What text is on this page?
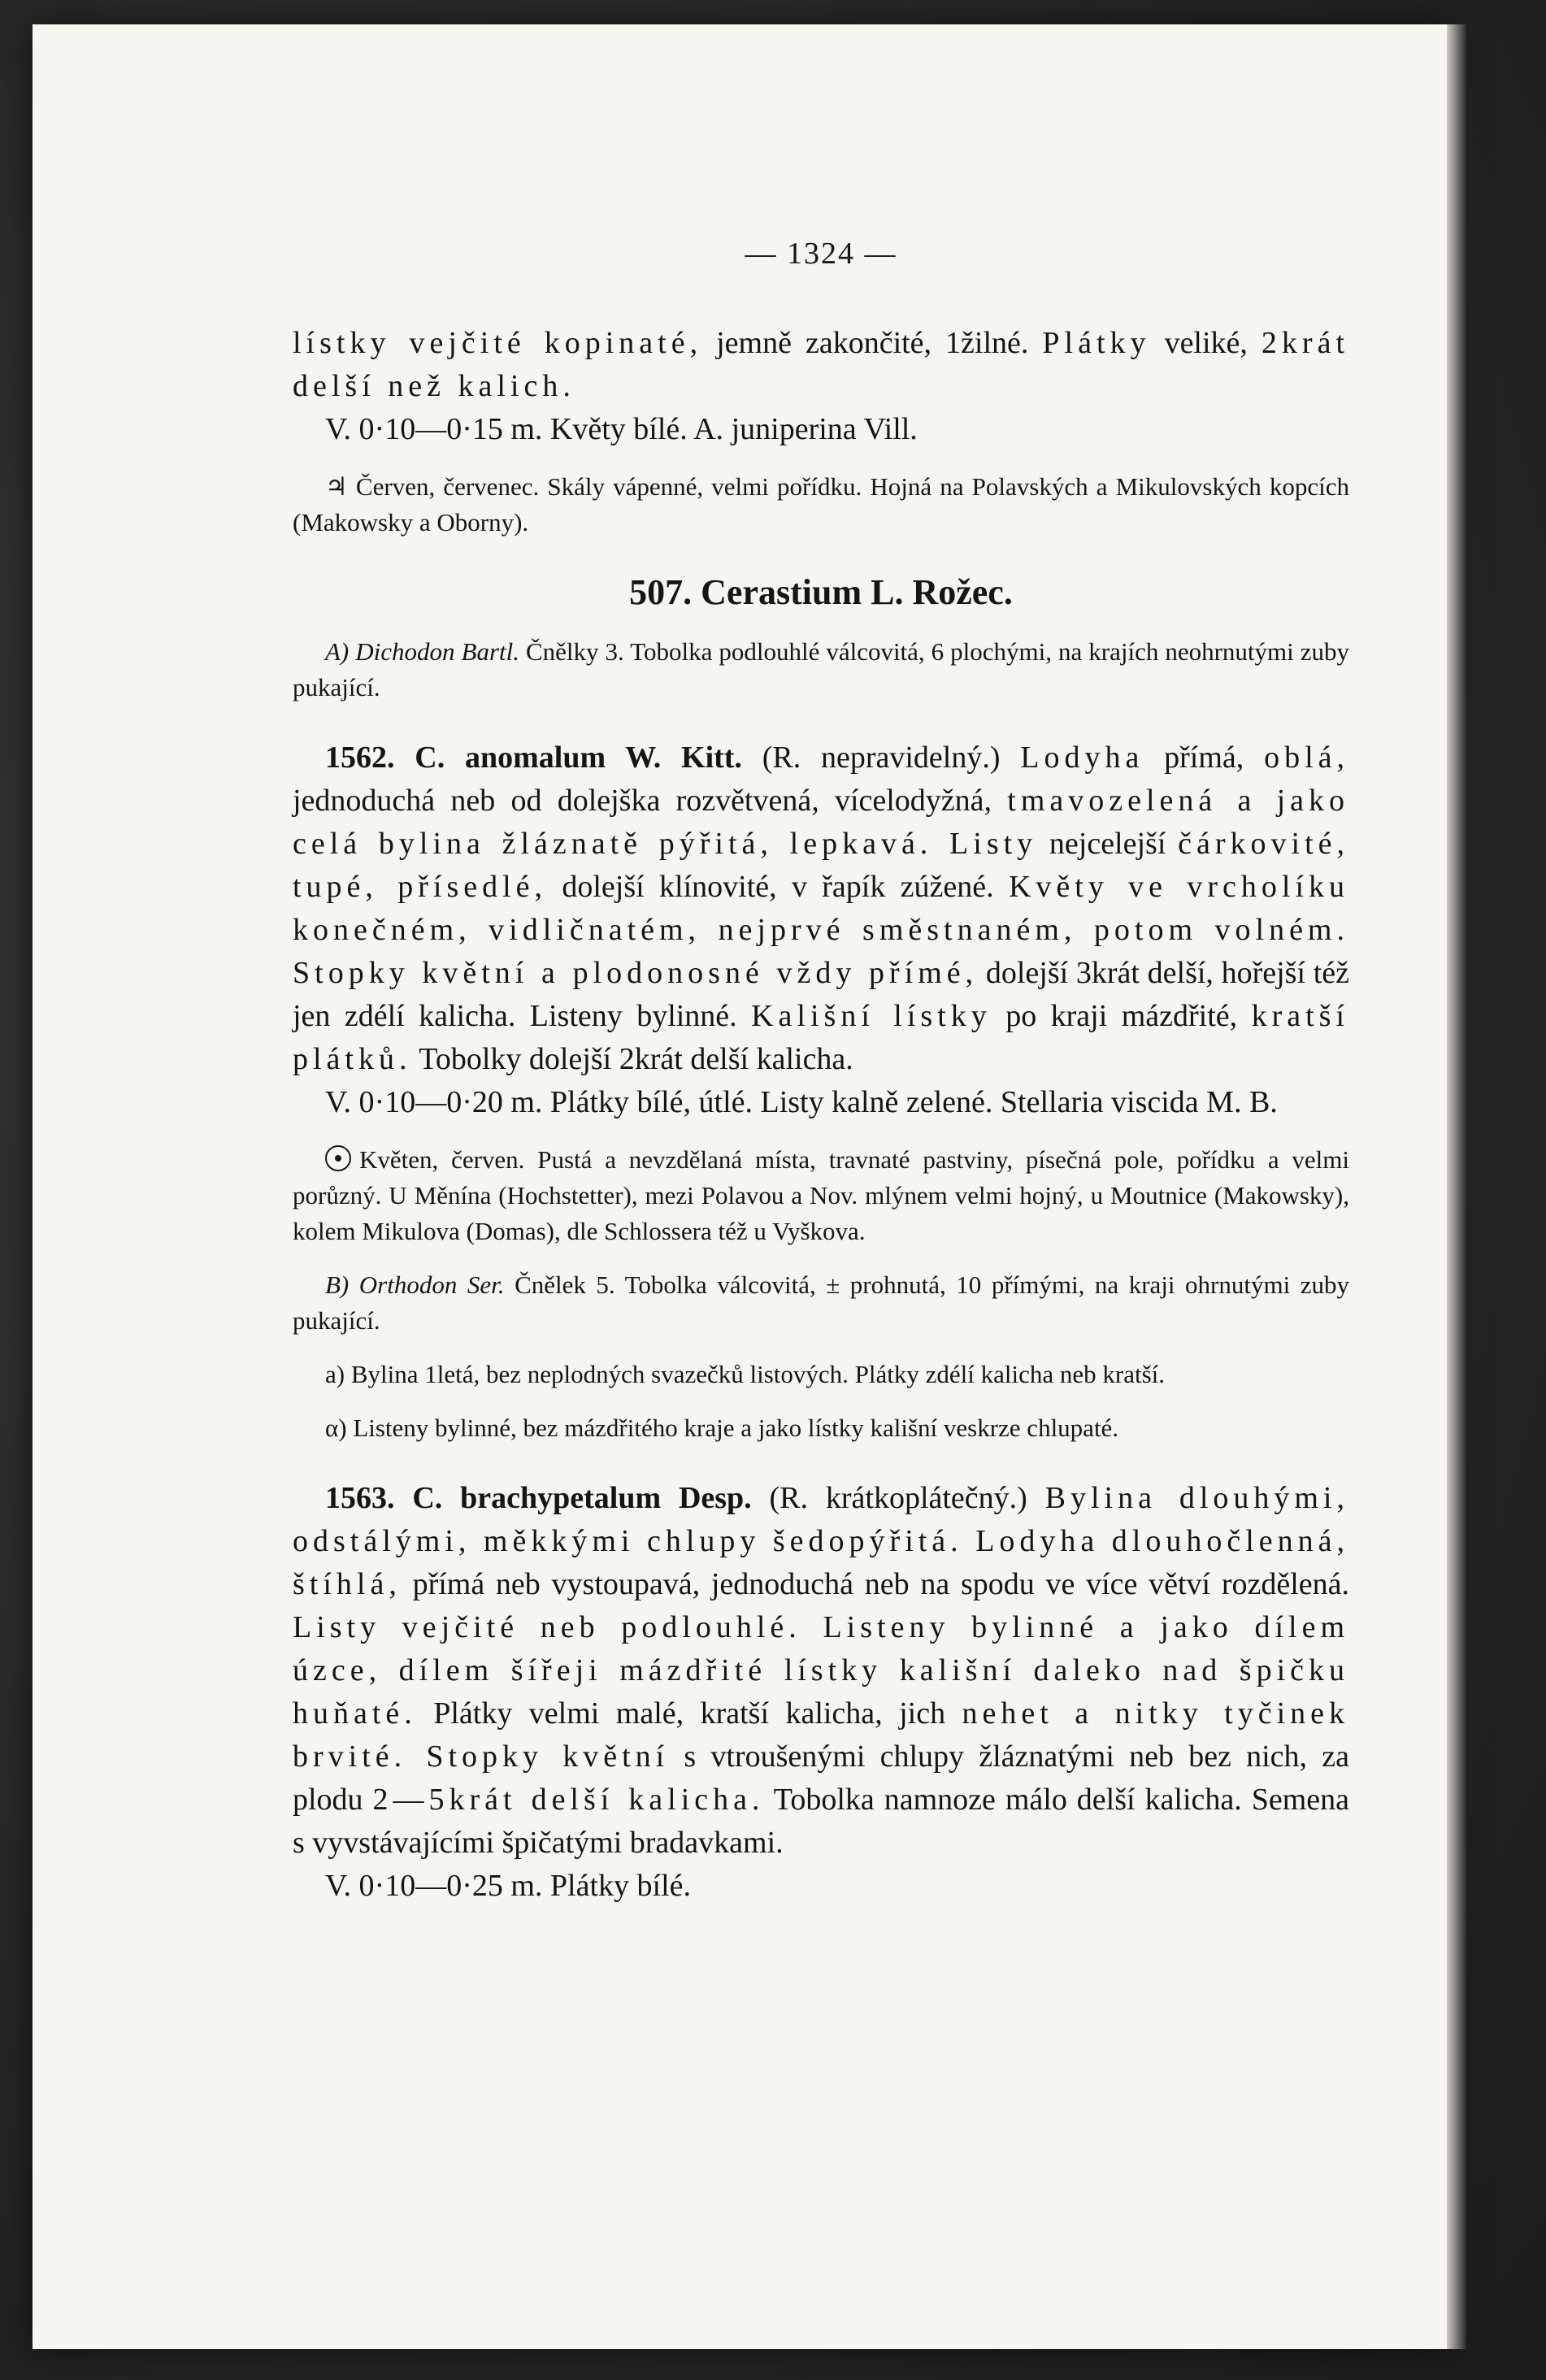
— 1324 —

lístky vejčité kopinaté, jemně zakončité, 1žilné. Plátky veliké, 2krát delší než kalich.

V. 0·10—0·15 m. Květy bílé. A. juniperina Vill.

♃ Červen, červenec. Skály vápenné, velmi pořídku. Hojná na Polavských a Mikulovských kopcích (Makowsky a Oborny).

507. Cerastium L. Rožec.

A) Dichodon Bartl. Čnělky 3. Tobolka podlouhlé válcovitá, 6 plochými, na krajích neohrnutými zuby pukající.

1562. C. anomalum W. Kitt. (R. nepravidelný.) Lodyha přímá, oblá, jednoduchá neb od dolejška rozvětvená, vícelodyžná, tmavozelená a jako celá bylina žláznatě pýřitá, lepkavá. Listy nejcelejší čárkovité, tupé, přísedlé, dolejší klínovité, v řapík zúžené. Květy ve vrcholíku konečném, vidličnatém, nejprvé směstnaném, potom volném. Stopky květní a plodonosné vždy přímé, dolejší 3krát delší, hořejší též jen zdélí kalicha. Listeny bylinné. Kališní lístky po kraji mázdřité, kratší plátků. Tobolky dolejší 2krát delší kalicha.

V. 0·10—0·20 m. Plátky bílé, útlé. Listy kalně zelené. Stellaria viscida M. B.

Květen, červen. Pustá a nevzdělaná místa, travnaté pastviny, písečná pole, pořídku a velmi porůzný. U Měnína (Hochstetter), mezi Polavou a Nov. mlýnem velmi hojný, u Moutnice (Makowsky), kolem Mikulova (Domas), dle Schlossera též u Vyškova.

B) Orthodon Ser. Čnělek 5. Tobolka válcovitá, ± prohnutá, 10 přímými, na kraji ohrnutými zuby pukající.

a) Bylina 1letá, bez neplodných svazečků listových. Plátky zdélí kalicha neb kratší.

α) Listeny bylinné, bez mázdřitého kraje a jako lístky kališní veskrze chlupaté.

1563. C. brachypetalum Desp. (R. krátkoplátečný.) Bylina dlouhými, odstálými, měkkými chlupy šedopýřitá. Lodyha dlouhočlenná, štíhlá, přímá neb vystoupavá, jednoduchá neb na spodu ve více větví rozdělená. Listy vejčité neb podlouhlé. Listeny bylinné a jako dílem úzce, dílem šířeji mázdřité lístky kališní daleko nad špičku huňaté. Plátky velmi malé, kratší kalicha, jich nehet a nitky tyčinek brvité. Stopky květní s vtroušenými chlupy žláznatými neb bez nich, za plodu 2—5krát delší kalicha. Tobolka namnoze málo delší kalicha. Semena s vyvstávajícími špičatými bradavkami.

V. 0·10—0·25 m. Plátky bílé.
